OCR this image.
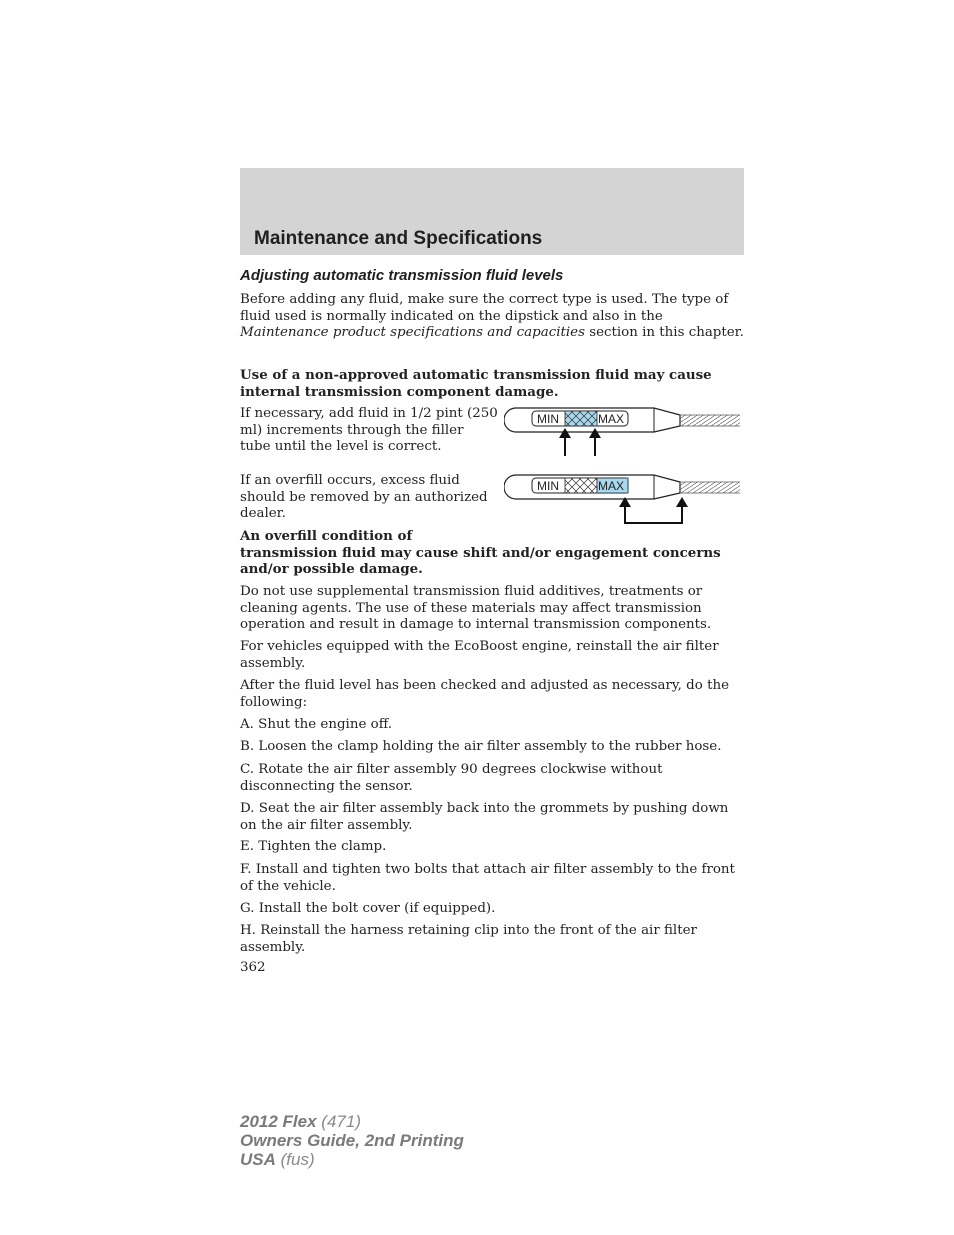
Maintenance and Specifications
Adjusting automatic transmission fluid levels

Before adding any fluid, make sure the correct type is used. The type of fluid used is normally indicated on the dipstick and also in the Maintenance product specifications and capacities section in this chapter.

Use of a non-approved automatic transmission fluid may cause internal transmission component damage.

If necessary, add fluid in 1/2 pint (250 ml) increments through the filler tube until the level is correct.

MIN	MAX

If an overfill occurs, excess fluid should be removed by an authorized dealer.

MIN	MAX

An overfill condition of
transmission fluid may cause shift and/or engagement concerns and/or possible damage.

Do not use supplemental transmission fluid additives, treatments or cleaning agents. The use of these materials may affect transmission operation and result in damage to internal transmission components.

For vehicles equipped with the EcoBoost engine, reinstall the air filter assembly.

After the fluid level has been checked and adjusted as necessary, do the following:

A. Shut the engine off.

B. Loosen the clamp holding the air filter assembly to the rubber hose.

C. Rotate the air filter assembly 90 degrees clockwise without disconnecting the sensor.

D. Seat the air filter assembly back into the grommets by pushing down on the air filter assembly.

E. Tighten the clamp.

F. Install and tighten two bolts that attach air filter assembly to the front of the vehicle.

G. Install the bolt cover (if equipped).

H. Reinstall the harness retaining clip into the front of the air filter assembly.

362
2012 Flex (471)
Owners Guide, 2nd Printing
USA (fus)
